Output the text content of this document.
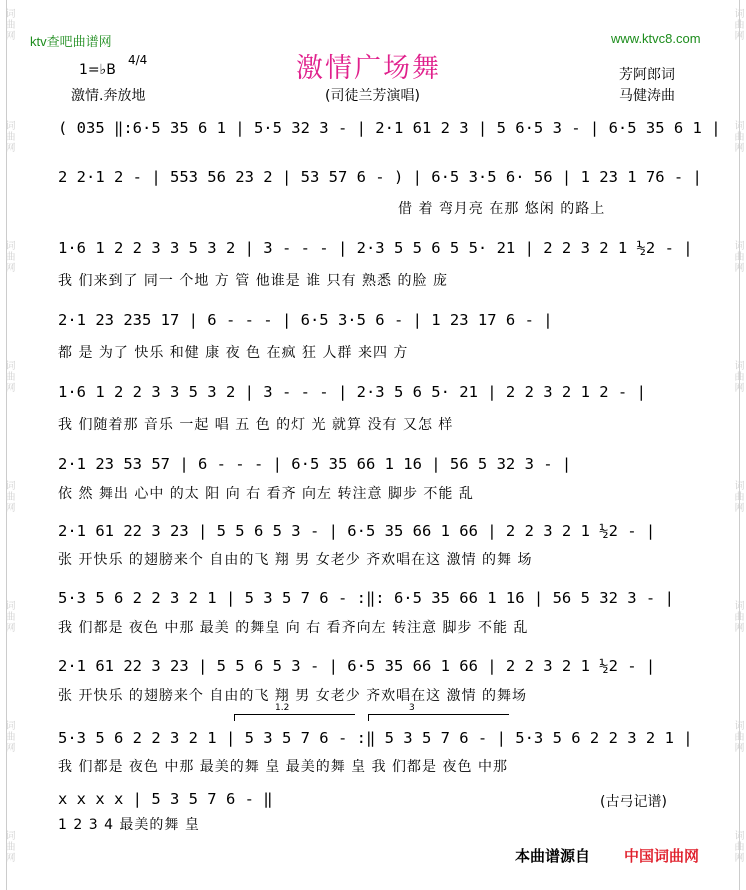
词曲网
词曲网
词曲网
词曲网
词曲网
词曲网
词曲网
词曲网
词曲网
词曲网
词曲网
词曲网
词曲网
词曲网
词曲网
词曲网
ktv查吧曲谱网	www.ktvc8.com
激情广场舞
1=♭B
4/4
芳阿郎词
激情.奔放地	(司徒兰芳演唱)	马健涛曲
( 035 ‖:6·5 35 6 1 | 5·5 32 3 - | 2·1 61 2 3 | 5 6·5 3 - | 6·5 35 6 1 |
2 2·1 2 - | 553 56 23 2 | 53 57 6 - ) | 6·5 3·5 6· 56 | 1 23 1 76 - |
借 着 弯月亮 在那 悠闲 的路上
1·6 1 2 2 3 3 5 3 2 | 3 - - - | 2·3 5 5 6 5 5· 21 | 2 2 3 2 1 ½2 - |
我 们来到了 同一 个地 方 管 他谁是 谁 只有 熟悉 的脸 庞
2·1 23 235 17 | 6 - - - | 6·5 3·5 6 - | 1 23 17 6 - |
都 是 为了 快乐 和健 康 夜 色 在疯 狂 人群 来四 方
1·6 1 2 2 3 3 5 3 2 | 3 - - - | 2·3 5 6 5· 21 | 2 2 3 2 1 2 - |
我 们随着那 音乐 一起 唱 五 色 的灯 光 就算 没有 又怎 样
2·1 23 53 57 | 6 - - - | 6·5 35 66 1 16 | 56 5 32 3 - |
依 然 舞出 心中 的太 阳 向 右 看齐 向左 转注意 脚步 不能 乱
2·1 61 22 3 23 | 5 5 6 5 3 - | 6·5 35 66 1 66 | 2 2 3 2 1 ½2 - |
张 开快乐 的翅膀来个 自由的飞 翔 男 女老少 齐欢唱在这 激情 的舞 场
5·3 5 6 2 2 3 2 1 | 5 3 5 7 6 - :‖: 6·5 35 66 1 16 | 56 5 32 3 - |
我 们都是 夜色 中那 最美 的舞皇 向 右 看齐向左 转注意 脚步 不能 乱
2·1 61 22 3 23 | 5 5 6 5 3 - | 6·5 35 66 1 66 | 2 2 3 2 1 ½2 - |
张 开快乐 的翅膀来个 自由的飞 翔 男 女老少 齐欢唱在这 激情 的舞场
1.2	3
5·3 5 6 2 2 3 2 1 | 5 3 5 7 6 - :‖ 5 3 5 7 6 - | 5·3 5 6 2 2 3 2 1 |
我 们都是 夜色 中那 最美的舞 皇 最美的舞 皇 我 们都是 夜色 中那
x x x x | 5 3 5 7 6 - ‖
1 2 3 4 最美的舞 皇
(古弓记谱)
本曲谱源自 中国词曲网
